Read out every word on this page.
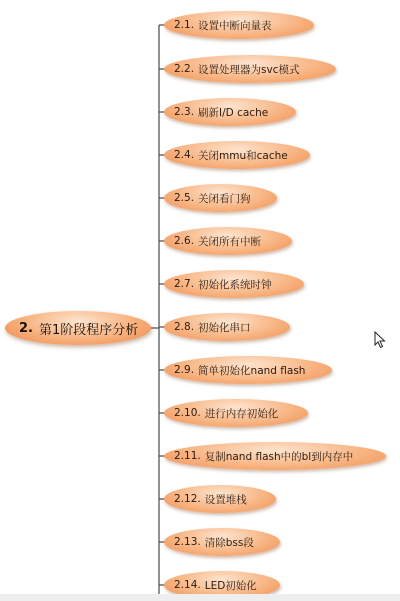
2. 第1阶段程序分析
2.1. 设置中断向量表
2.2. 设置处理器为svc模式
2.3. 刷新I/D cache
2.4. 关闭mmu和cache
2.5. 关闭看门狗
2.6. 关闭所有中断
2.7. 初始化系统时钟
2.8. 初始化串口
2.9. 简单初始化nand flash
2.10. 进行内存初始化
2.11. 复制nand flash中的bl到内存中
2.12. 设置堆栈
2.13. 清除bss段
2.14. LED初始化
